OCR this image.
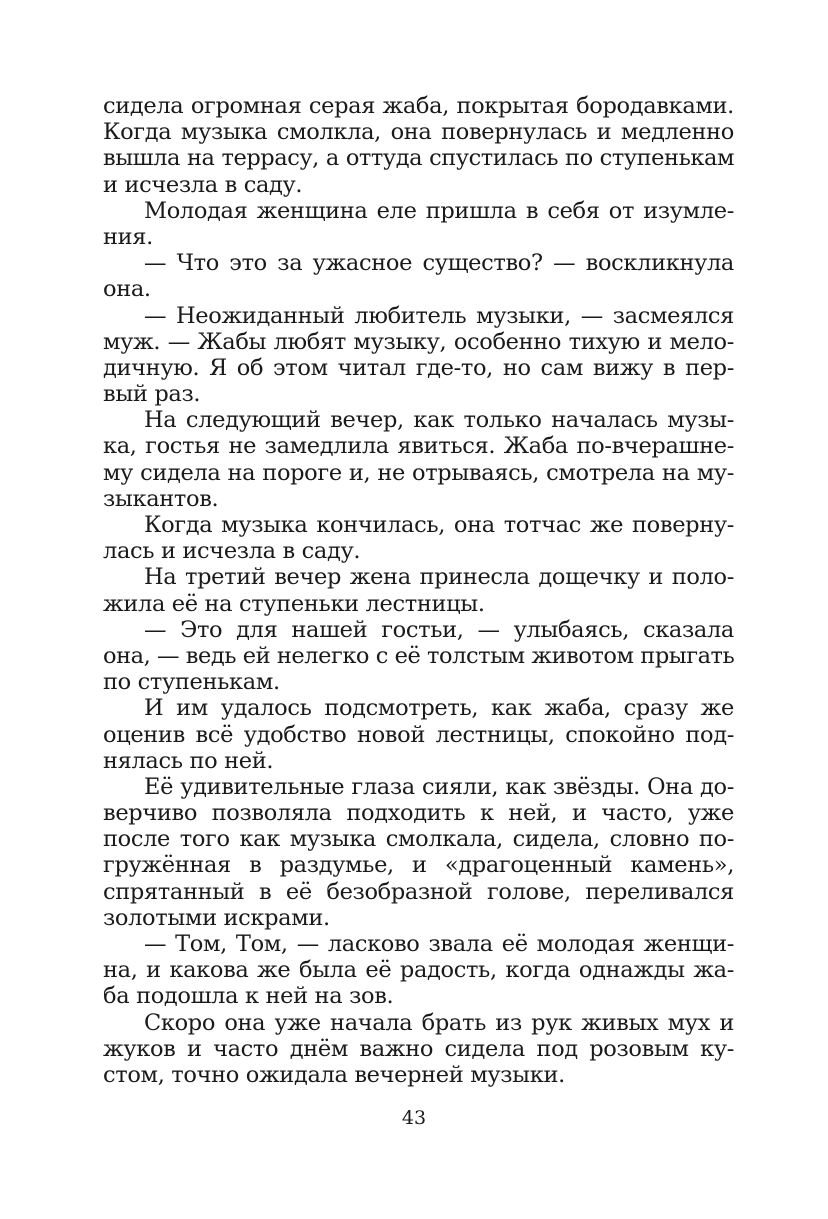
сидела огромная серая жаба, покрытая бородавками.
Когда музыка смолкла, она повернулась и медленно
вышла на террасу, а оттуда спустилась по ступенькам
и исчезла в саду.
Молодая женщина еле пришла в себя от изумле-
ния.
— Что это за ужасное существо? — воскликнула
она.
— Неожиданный любитель музыки, — засмеялся
муж. — Жабы любят музыку, особенно тихую и мело-
дичную. Я об этом читал где-то, но сам вижу в пер-
вый раз.
На следующий вечер, как только началась музы-
ка, гостья не замедлила явиться. Жаба по-вчерашне-
му сидела на пороге и, не отрываясь, смотрела на му-
зыкантов.
Когда музыка кончилась, она тотчас же поверну-
лась и исчезла в саду.
На третий вечер жена принесла дощечку и поло-
жила её на ступеньки лестницы.
— Это для нашей гостьи, — улыбаясь, сказала
она, — ведь ей нелегко с её толстым животом прыгать
по ступенькам.
И им удалось подсмотреть, как жаба, сразу же
оценив всё удобство новой лестницы, спокойно под-
нялась по ней.
Её удивительные глаза сияли, как звёзды. Она до-
верчиво позволяла подходить к ней, и часто, уже
после того как музыка смолкала, сидела, словно по-
гружённая в раздумье, и «драгоценный камень»,
спрятанный в её безобразной голове, переливался
золотыми искрами.
— Том, Том, — ласково звала её молодая женщи-
на, и какова же была её радость, когда однажды жа-
ба подошла к ней на зов.
Скоро она уже начала брать из рук живых мух и
жуков и часто днём важно сидела под розовым ку-
стом, точно ожидала вечерней музыки.
43
